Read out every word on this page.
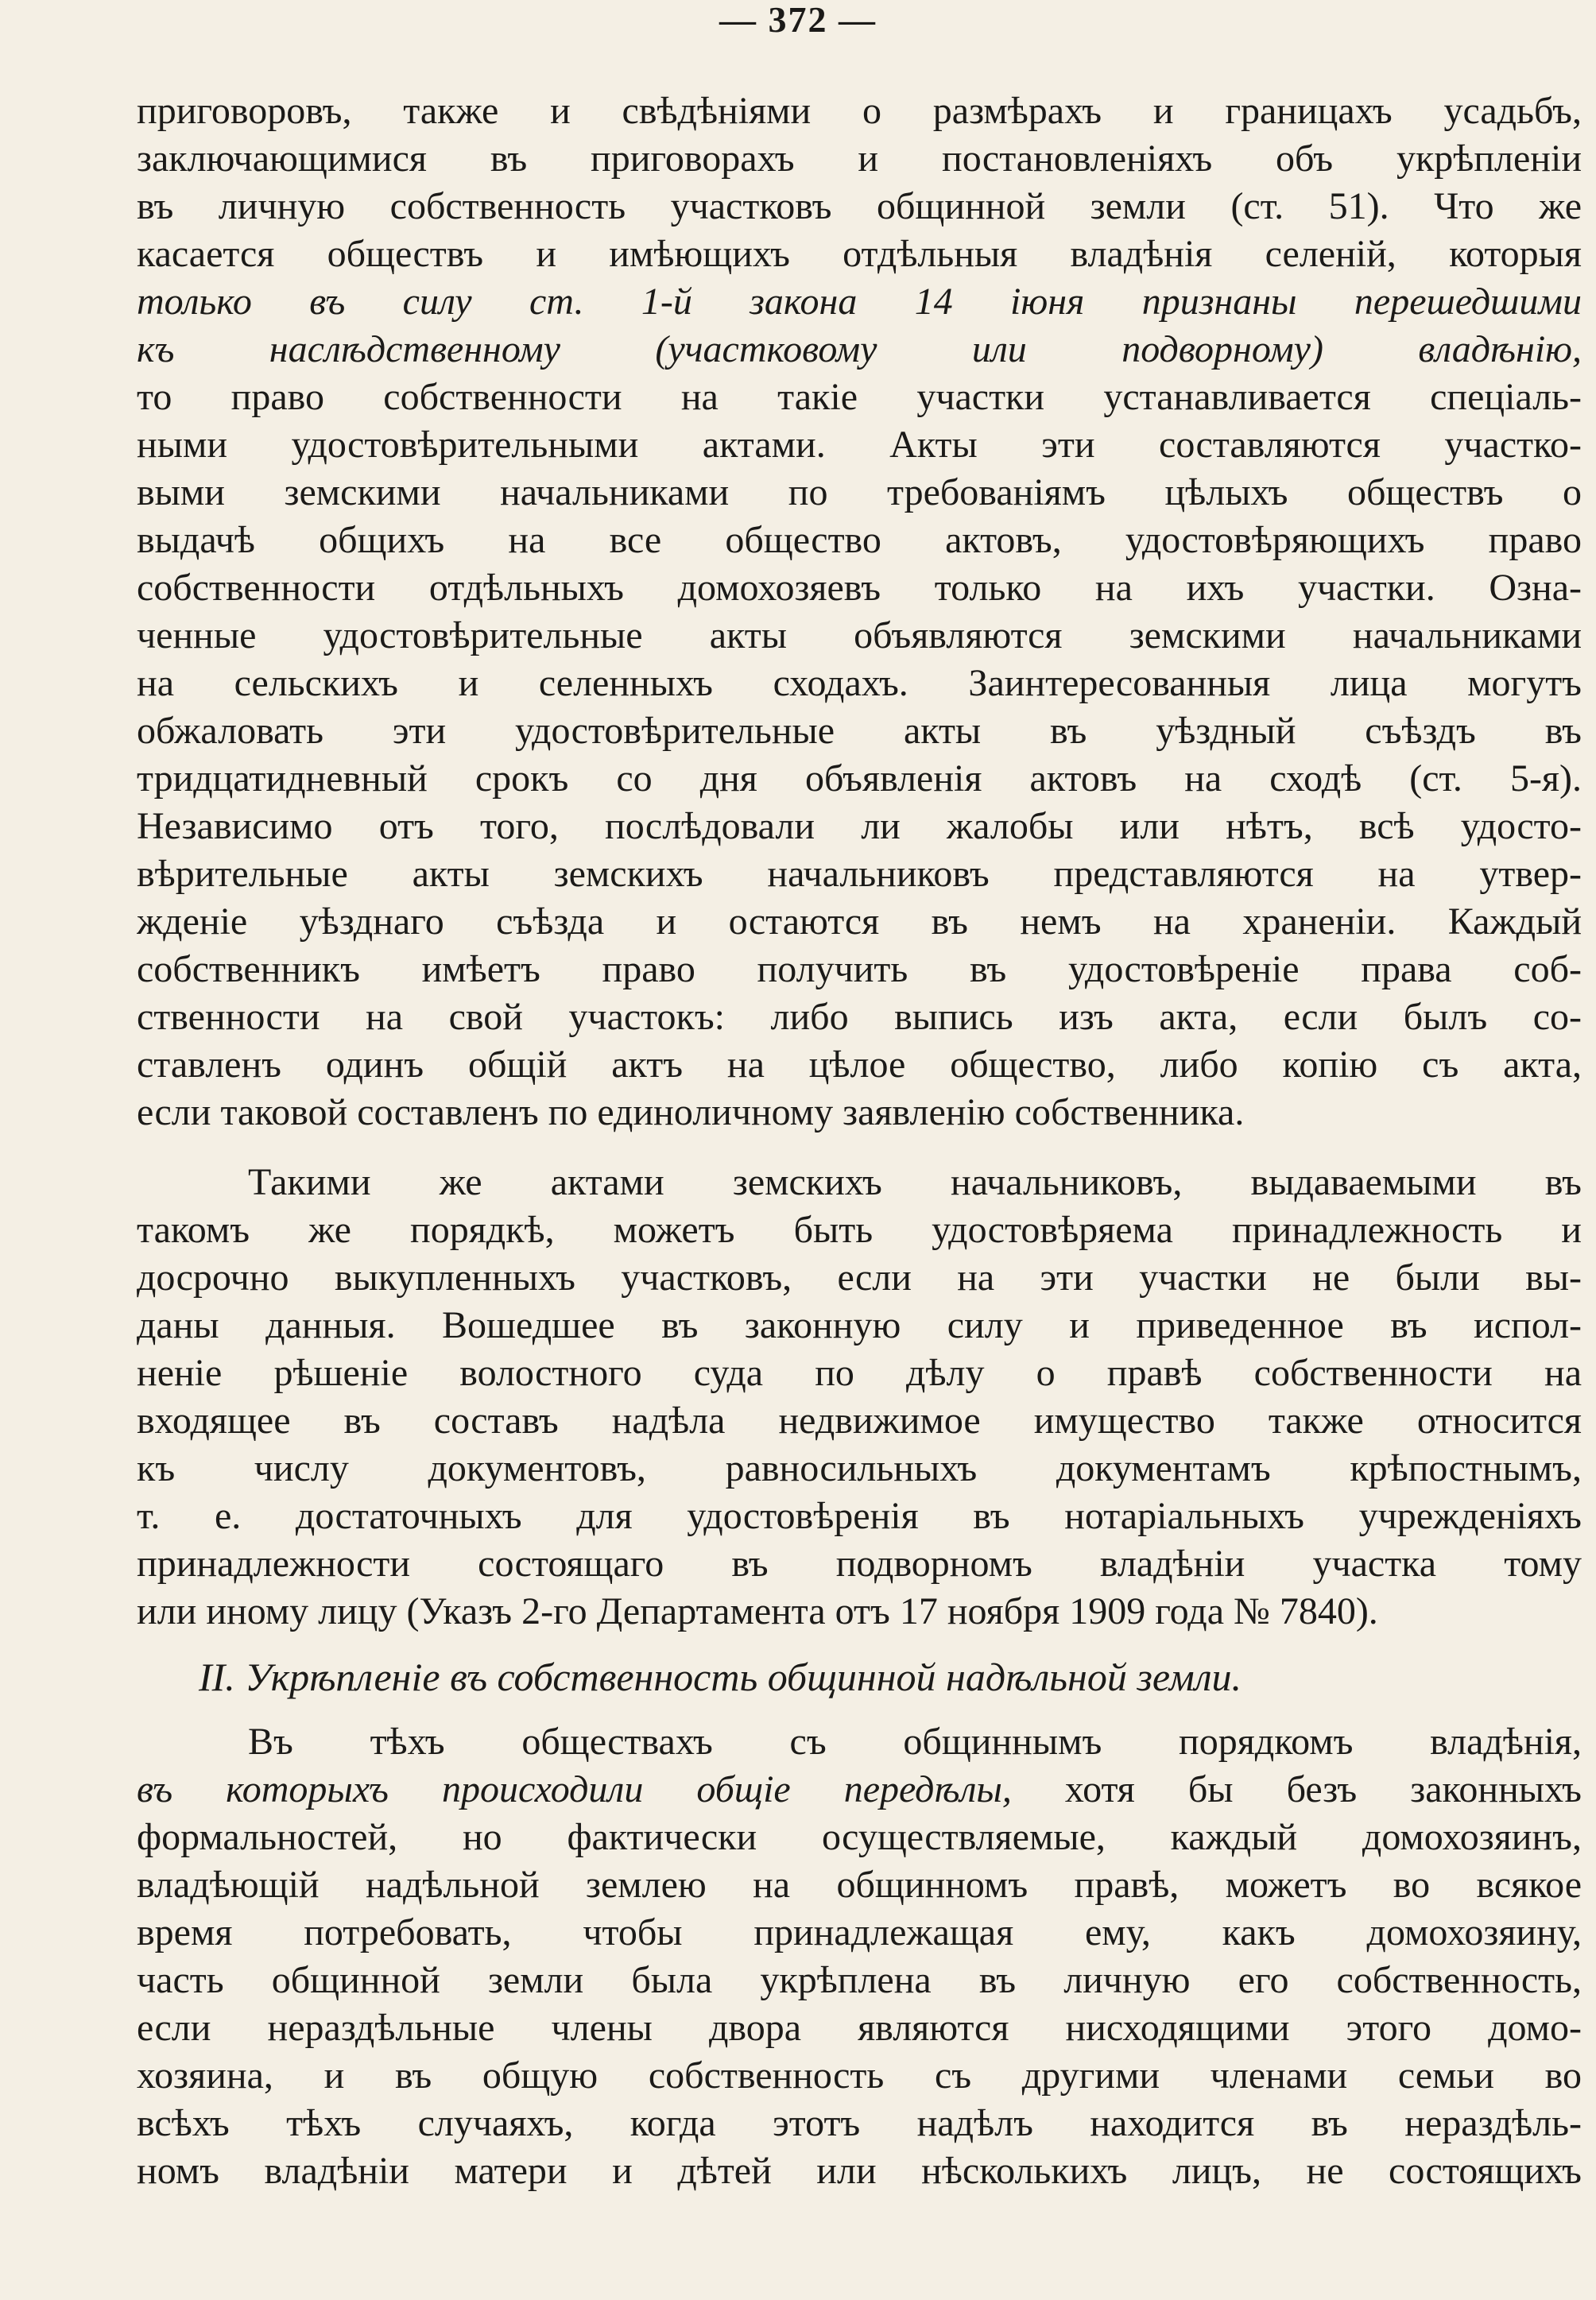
— 372 —
приговоровъ, также и свѣдѣніями о размѣрахъ и границахъ усадьбъ,
заключающимися въ приговорахъ и постановленіяхъ объ укрѣпленіи
въ личную собственность участковъ общинной земли (ст. 51). Что же
касается обществъ и имѣющихъ отдѣльныя владѣнія селеній, которыя
только въ силу ст. 1-й закона 14 іюня признаны перешедшими
къ наслѣдственному (участковому или подворному) владѣнію,
то право собственности на такіе участки устанавливается спеціаль-
ными удостовѣрительными актами. Акты эти составляются участко-
выми земскими начальниками по требованіямъ цѣлыхъ обществъ о
выдачѣ общихъ на все общество актовъ, удостовѣряющихъ право
собственности отдѣльныхъ домохозяевъ только на ихъ участки. Озна-
ченные удостовѣрительные акты объявляются земскими начальниками
на сельскихъ и селенныхъ сходахъ. Заинтересованныя лица могутъ
обжаловать эти удостовѣрительные акты въ уѣздный съѣздъ въ
тридцатидневный срокъ со дня объявленія актовъ на сходѣ (ст. 5-я).
Независимо отъ того, послѣдовали ли жалобы или нѣтъ, всѣ удосто-
вѣрительные акты земскихъ начальниковъ представляются на утвер-
жденіе уѣзднаго съѣзда и остаются въ немъ на храненіи. Каждый
собственникъ имѣетъ право получить въ удостовѣреніе права соб-
ственности на свой участокъ: либо выпись изъ акта, если былъ со-
ставленъ одинъ общій актъ на цѣлое общество, либо копію съ акта,
если таковой составленъ по единоличному заявленію собственника.
Такими же актами земскихъ начальниковъ, выдаваемыми въ
такомъ же порядкѣ, можетъ быть удостовѣряема принадлежность и
досрочно выкупленныхъ участковъ, если на эти участки не были вы-
даны данныя. Вошедшее въ законную силу и приведенное въ испол-
неніе рѣшеніе волостного суда по дѣлу о правѣ собственности на
входящее въ составъ надѣла недвижимое имущество также относится
къ числу документовъ, равносильныхъ документамъ крѣпостнымъ,
т. е. достаточныхъ для удостовѣренія въ нотаріальныхъ учрежденіяхъ
принадлежности состоящаго въ подворномъ владѣніи участка тому
или иному лицу (Указъ 2-го Департамента отъ 17 ноября 1909 года № 7840).
II. Укрѣпленіе въ собственность общинной надѣльной земли.
Въ тѣхъ обществахъ съ общиннымъ порядкомъ владѣнія,
въ которыхъ происходили общіе передѣлы, хотя бы безъ законныхъ
формальностей, но фактически осуществляемые, каждый домохозяинъ,
владѣющій надѣльной землею на общинномъ правѣ, можетъ во всякое
время потребовать, чтобы принадлежащая ему, какъ домохозяину,
часть общинной земли была укрѣплена въ личную его собственность,
если нераздѣльные члены двора являются нисходящими этого домо-
хозяина, и въ общую собственность съ другими членами семьи во
всѣхъ тѣхъ случаяхъ, когда этотъ надѣлъ находится въ нераздѣль-
номъ владѣніи матери и дѣтей или нѣсколькихъ лицъ, не состоящихъ
